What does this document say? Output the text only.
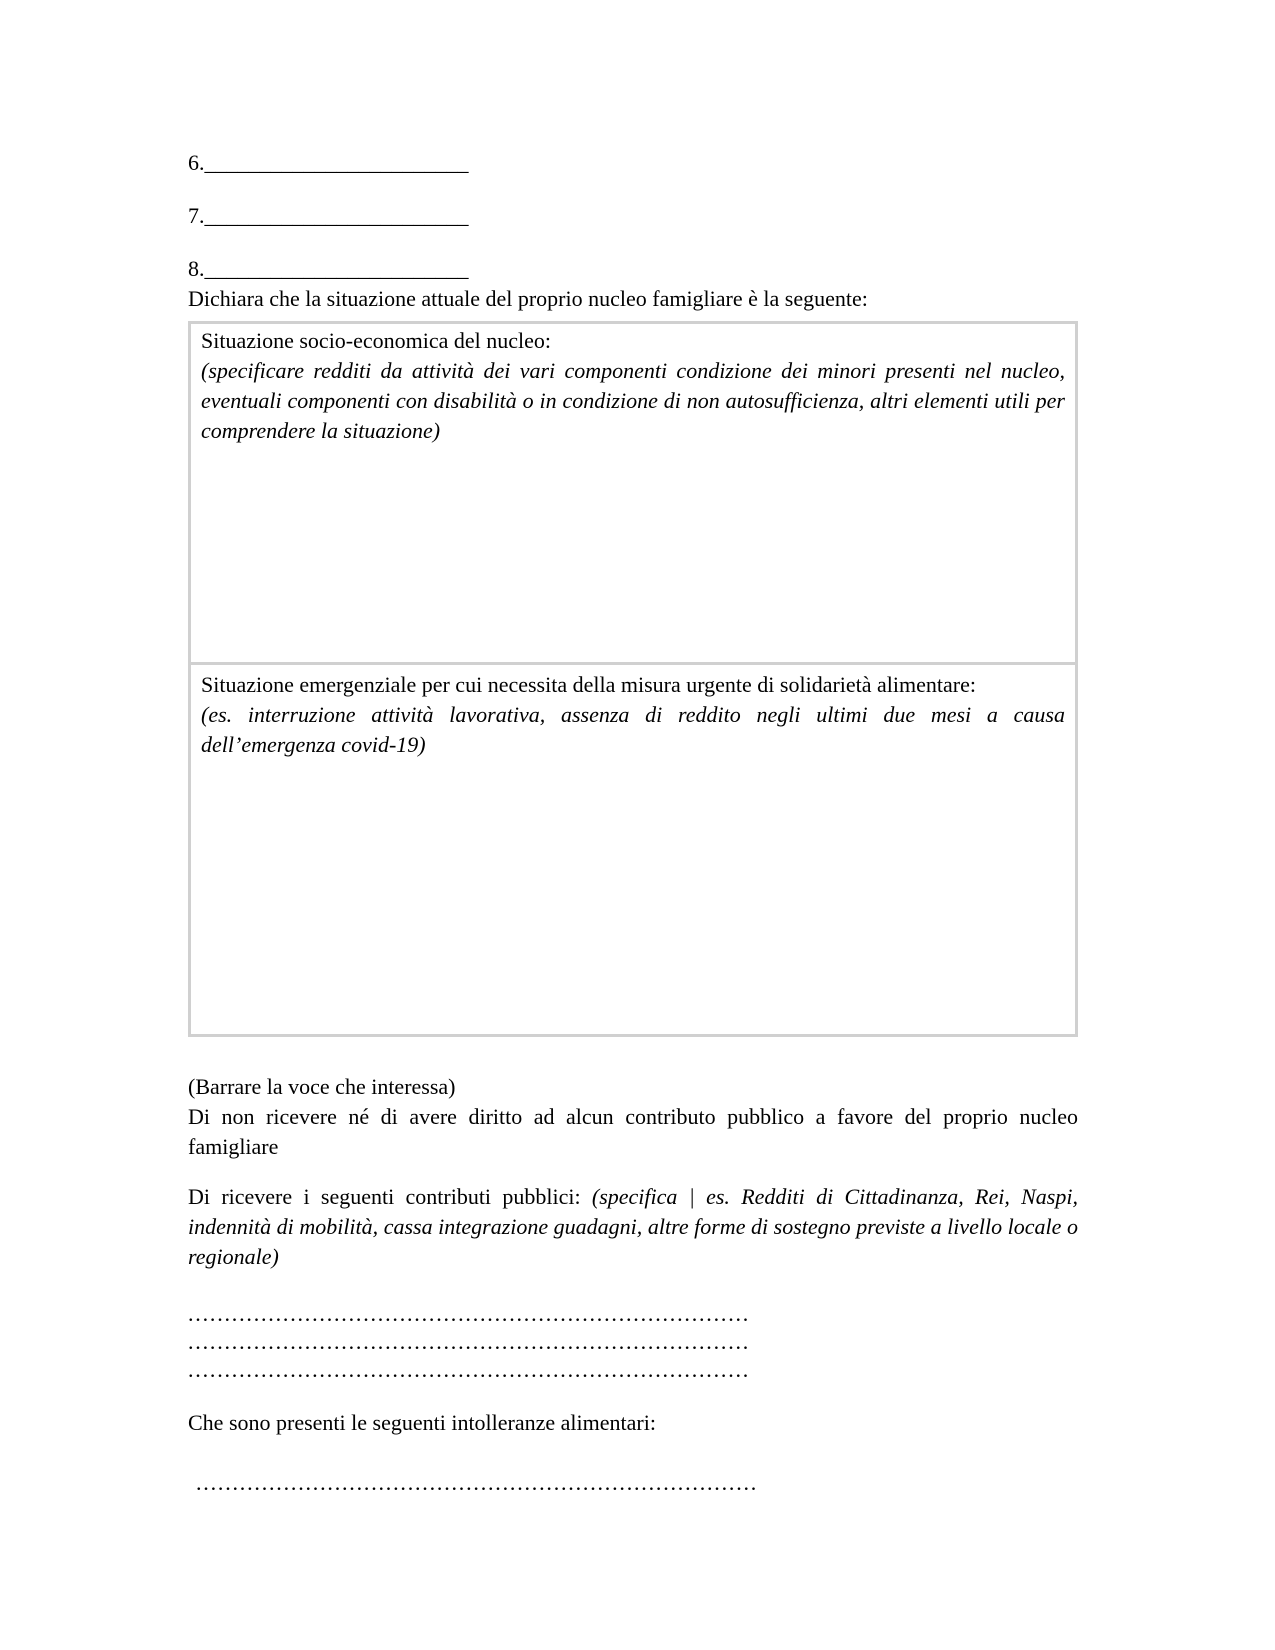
6.________________________
7.________________________
8.________________________

Dichiara che la situazione attuale del proprio nucleo famigliare è la seguente:

Situazione socio-economica del nucleo:
(specificare redditi da attività dei vari componenti condizione dei minori presenti nel nucleo, eventuali componenti con disabilità o in condizione di non autosufficienza, altri elementi utili per comprendere la situazione)
Situazione emergenziale per cui necessita della misura urgente di solidarietà alimentare:
(es. interruzione attività lavorativa, assenza di reddito negli ultimi due mesi a causa dell’emergenza covid-19)

(Barrare la voce che interessa)

Di non ricevere né di avere diritto ad alcun contributo pubblico a favore del proprio nucleo famigliare

Di ricevere i seguenti contributi pubblici: (specifica | es. Redditi di Cittadinanza, Rei, Naspi, indennità di mobilità, cassa integrazione guadagni, altre forme di sostegno previste a livello locale o regionale)

.............................................................................
.............................................................................
.............................................................................

Che sono presenti le seguenti intolleranze alimentari:

.............................................................................
